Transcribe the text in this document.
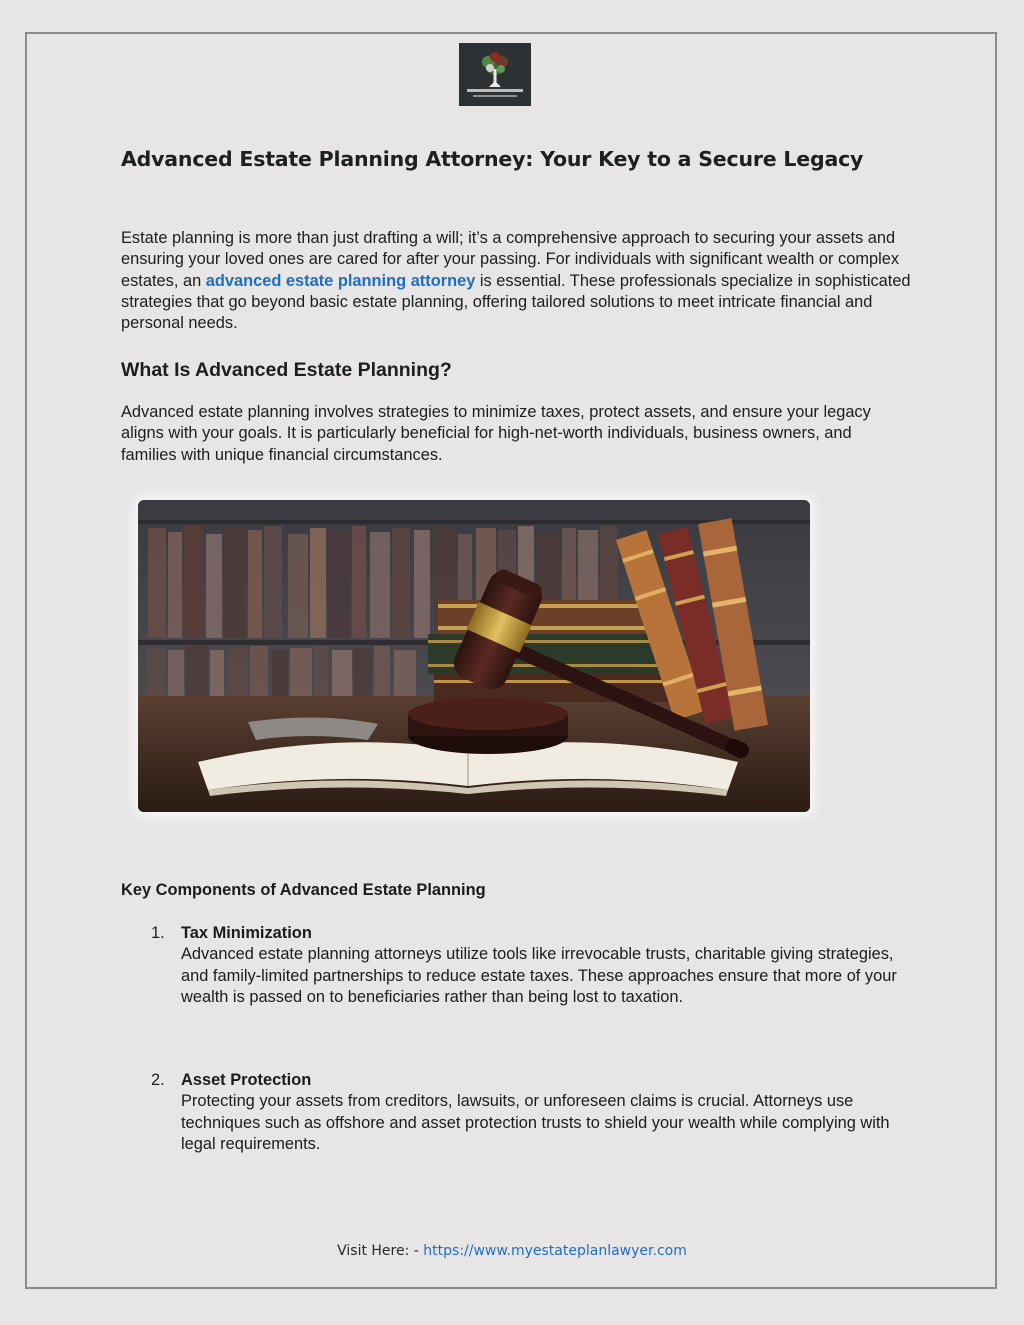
Advanced Estate Planning Attorney: Your Key to a Secure Legacy
Estate planning is more than just drafting a will; it’s a comprehensive approach to securing your assets and ensuring your loved ones are cared for after your passing. For individuals with significant wealth or complex estates, an advanced estate planning attorney is essential. These professionals specialize in sophisticated strategies that go beyond basic estate planning, offering tailored solutions to meet intricate financial and personal needs.
What Is Advanced Estate Planning?
Advanced estate planning involves strategies to minimize taxes, protect assets, and ensure your legacy aligns with your goals. It is particularly beneficial for high-net-worth individuals, business owners, and families with unique financial circumstances.
Key Components of Advanced Estate Planning
1. Tax Minimization
Advanced estate planning attorneys utilize tools like irrevocable trusts, charitable giving strategies, and family-limited partnerships to reduce estate taxes. These approaches ensure that more of your wealth is passed on to beneficiaries rather than being lost to taxation.
2. Asset Protection
Protecting your assets from creditors, lawsuits, or unforeseen claims is crucial. Attorneys use techniques such as offshore and asset protection trusts to shield your wealth while complying with legal requirements.
Visit Here: - https://www.myestateplanlawyer.com
